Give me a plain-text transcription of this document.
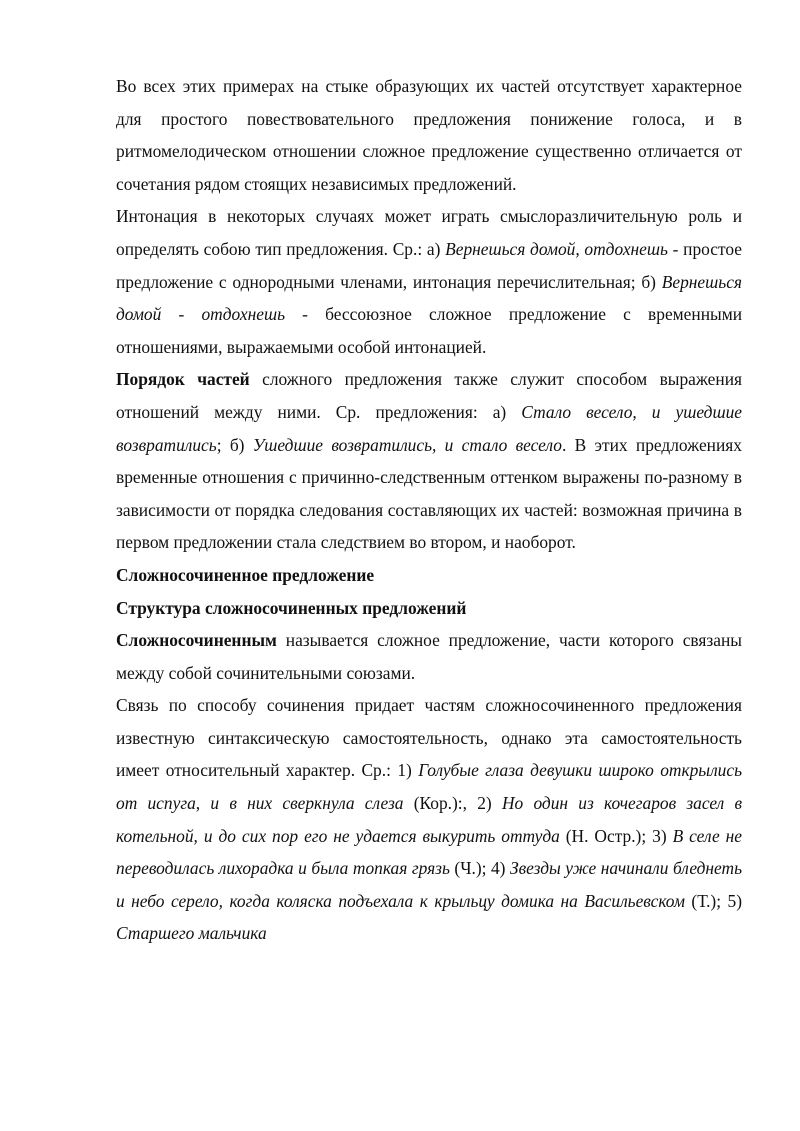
Во всех этих примерах на стыке образующих их частей отсутствует характерное для простого повествовательного предложения понижение голоса, и в ритмомелодическом отношении сложное предложение существенно отличается от сочетания рядом стоящих независимых предложений.

Интонация в некоторых случаях может играть смыслоразличительную роль и определять собою тип предложения. Ср.: а) Вернешься домой, отдохнешь - простое предложение с однородными членами, интонация перечислительная; б) Вернешься домой - отдохнешь - бессоюзное сложное предложение с временными отношениями, выражаемыми особой интонацией.

Порядок частей сложного предложения также служит способом выражения отношений между ними. Ср. предложения: а) Стало весело, и ушедшие возвратились; б) Ушедшие возвратились, и стало весело. В этих предложениях временные отношения с причинно-следственным оттенком выражены по-разному в зависимости от порядка следования составляющих их частей: возможная причина в первом предложении стала следствием во втором, и наоборот.

Сложносочиненное предложение

Структура сложносочиненных предложений

Сложносочиненным называется сложное предложение, части которого связаны между собой сочинительными союзами.

Связь по способу сочинения придает частям сложносочиненного предложения известную синтаксическую самостоятельность, однако эта самостоятельность имеет относительный характер. Ср.: 1) Голубые глаза девушки широко открылись от испуга, и в них сверкнула слеза (Кор.):, 2) Но один из кочегаров засел в котельной, и до сих пор его не удается выкурить оттуда (Н. Остр.); 3) В селе не переводилась лихорадка и была топкая грязь (Ч.); 4) Звезды уже начинали бледнеть и небо серело, когда коляска подъехала к крыльцу домика на Васильевском (Т.); 5) Старшего мальчика
